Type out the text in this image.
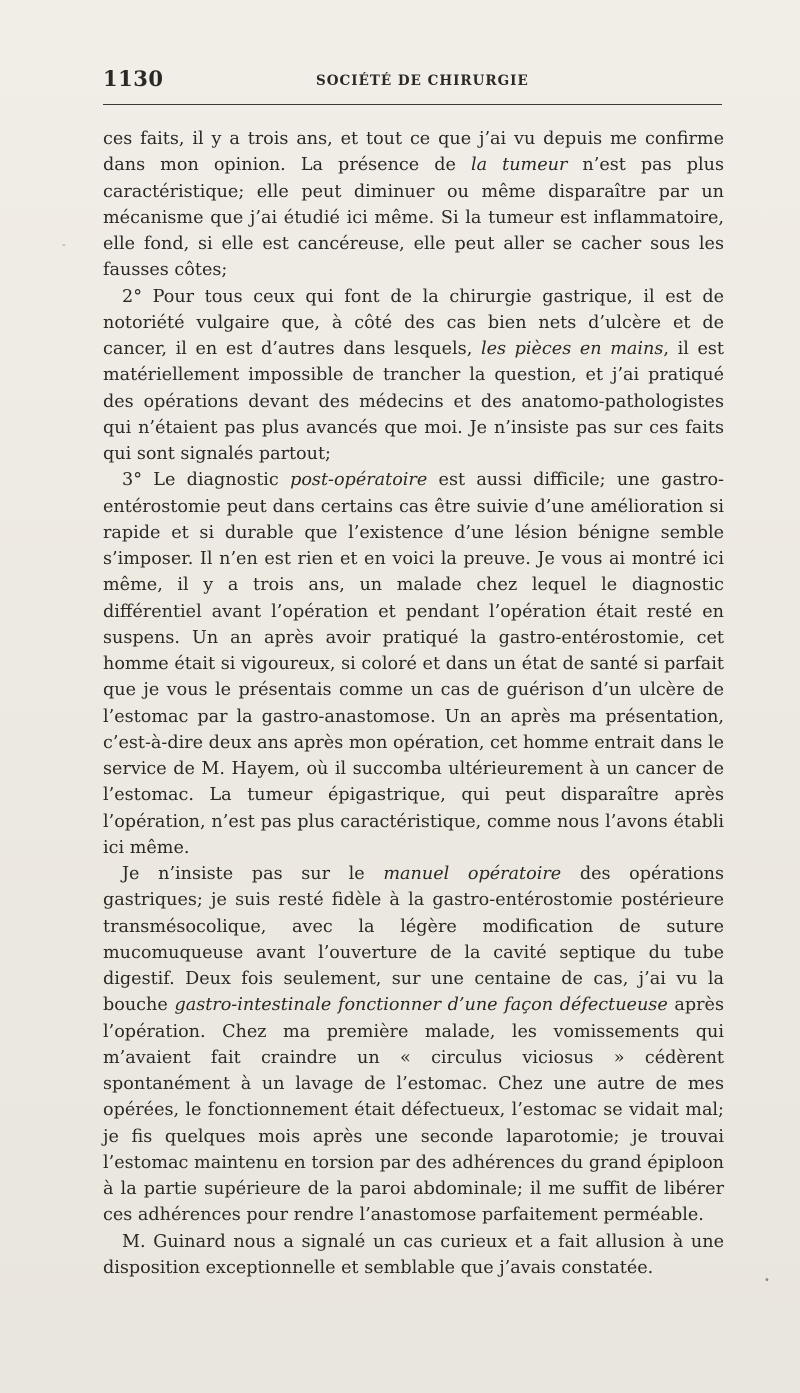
1130	SOCIÉTÉ DE CHIRURGIE

ces faits, il y a trois ans, et tout ce que j’ai vu depuis me confirme dans mon opinion. La présence de la tumeur n’est pas plus caractéristique; elle peut diminuer ou même disparaître par un mécanisme que j’ai étudié ici même. Si la tumeur est inflammatoire, elle fond, si elle est cancéreuse, elle peut aller se cacher sous les fausses côtes;

2° Pour tous ceux qui font de la chirurgie gastrique, il est de notoriété vulgaire que, à côté des cas bien nets d’ulcère et de cancer, il en est d’autres dans lesquels, les pièces en mains, il est matériellement impossible de trancher la question, et j’ai pratiqué des opérations devant des médecins et des anatomo-pathologistes qui n’étaient pas plus avancés que moi. Je n’insiste pas sur ces faits qui sont signalés partout;

3° Le diagnostic post-opératoire est aussi difficile; une gastro-entérostomie peut dans certains cas être suivie d’une amélioration si rapide et si durable que l’existence d’une lésion bénigne semble s’imposer. Il n’en est rien et en voici la preuve. Je vous ai montré ici même, il y a trois ans, un malade chez lequel le diagnostic différentiel avant l’opération et pendant l’opération était resté en suspens. Un an après avoir pratiqué la gastro-entérostomie, cet homme était si vigoureux, si coloré et dans un état de santé si parfait que je vous le présentais comme un cas de guérison d’un ulcère de l’estomac par la gastro-anastomose. Un an après ma présentation, c’est-à-dire deux ans après mon opération, cet homme entrait dans le service de M. Hayem, où il succomba ultérieurement à un cancer de l’estomac. La tumeur épigastrique, qui peut disparaître après l’opération, n’est pas plus caractéristique, comme nous l’avons établi ici même.

Je n’insiste pas sur le manuel opératoire des opérations gastriques; je suis resté fidèle à la gastro-entérostomie postérieure transmésocolique, avec la légère modification de suture mucomuqueuse avant l’ouverture de la cavité septique du tube digestif. Deux fois seulement, sur une centaine de cas, j’ai vu la bouche gastro-intestinale fonctionner d’une façon défectueuse après l’opération. Chez ma première malade, les vomissements qui m’avaient fait craindre un « circulus viciosus » cédèrent spontanément à un lavage de l’estomac. Chez une autre de mes opérées, le fonctionnement était défectueux, l’estomac se vidait mal; je fis quelques mois après une seconde laparotomie; je trouvai l’estomac maintenu en torsion par des adhérences du grand épiploon à la partie supérieure de la paroi abdominale; il me suffit de libérer ces adhérences pour rendre l’anastomose parfaitement perméable.

M. Guinard nous a signalé un cas curieux et a fait allusion à une disposition exceptionnelle et semblable que j’avais constatée.

-
•
